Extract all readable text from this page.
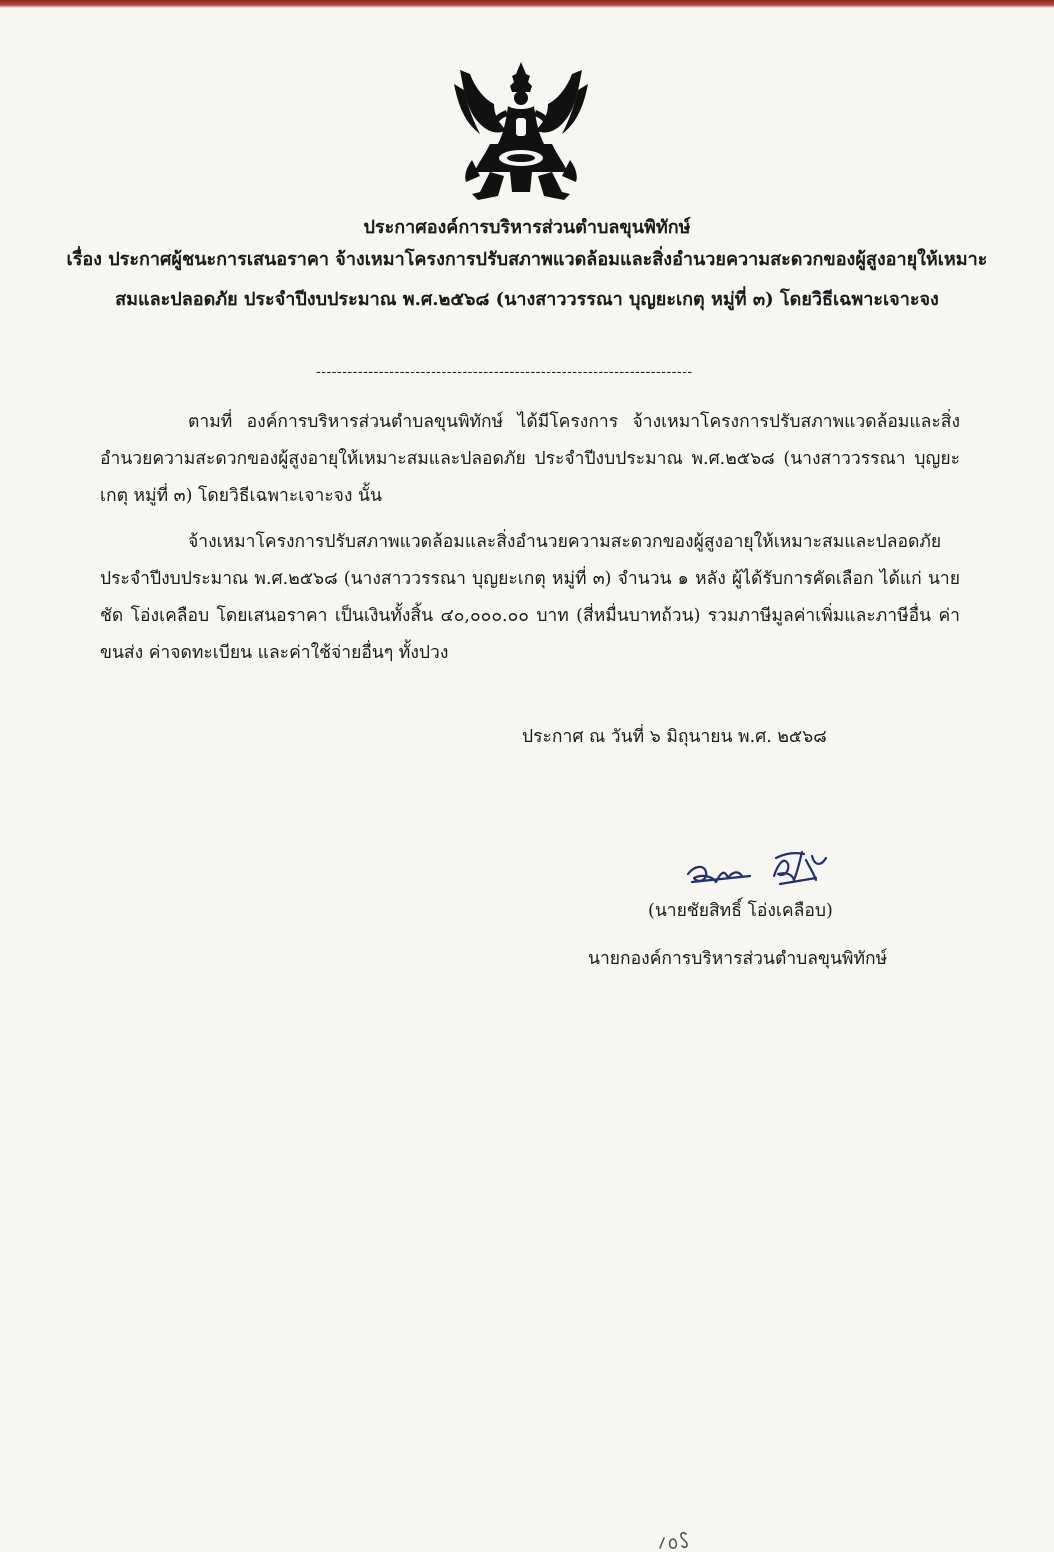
ประกาศองค์การบริหารส่วนตำบลขุนพิทักษ์
เรื่อง ประกาศผู้ชนะการเสนอราคา จ้างเหมาโครงการปรับสภาพแวดล้อมและสิ่งอำนวยความสะดวกของผู้สูงอายุให้เหมาะสมและปลอดภัย ประจำปีงบประมาณ พ.ศ.๒๕๖๘ (นางสาววรรณา บุญยะเกตุ หมู่ที่ ๓) โดยวิธีเฉพาะเจาะจง
------------------------------------------------------------------------
ตามที่ องค์การบริหารส่วนตำบลขุนพิทักษ์ ได้มีโครงการ จ้างเหมาโครงการปรับสภาพแวดล้อมและสิ่งอำนวยความสะดวกของผู้สูงอายุให้เหมาะสมและปลอดภัย ประจำปีงบประมาณ พ.ศ.๒๕๖๘ (นางสาววรรณา บุญยะเกตุ หมู่ที่ ๓) โดยวิธีเฉพาะเจาะจง นั้น
จ้างเหมาโครงการปรับสภาพแวดล้อมและสิ่งอำนวยความสะดวกของผู้สูงอายุให้เหมาะสมและปลอดภัย ประจำปีงบประมาณ พ.ศ.๒๕๖๘ (นางสาววรรณา บุญยะเกตุ หมู่ที่ ๓) จำนวน ๑ หลัง ผู้ได้รับการคัดเลือก ได้แก่ นายชัด โอ่งเคลือบ โดยเสนอราคา เป็นเงินทั้งสิ้น ๔๐,๐๐๐.๐๐ บาท (สี่หมื่นบาทถ้วน) รวมภาษีมูลค่าเพิ่มและภาษีอื่น ค่าขนส่ง ค่าจดทะเบียน และค่าใช้จ่ายอื่นๆ ทั้งปวง
ประกาศ ณ วันที่ ๖ มิถุนายน พ.ศ. ๒๕๖๘
(นายชัยสิทธิ์ โอ่งเคลือบ)
นายกองค์การบริหารส่วนตำบลขุนพิทักษ์
